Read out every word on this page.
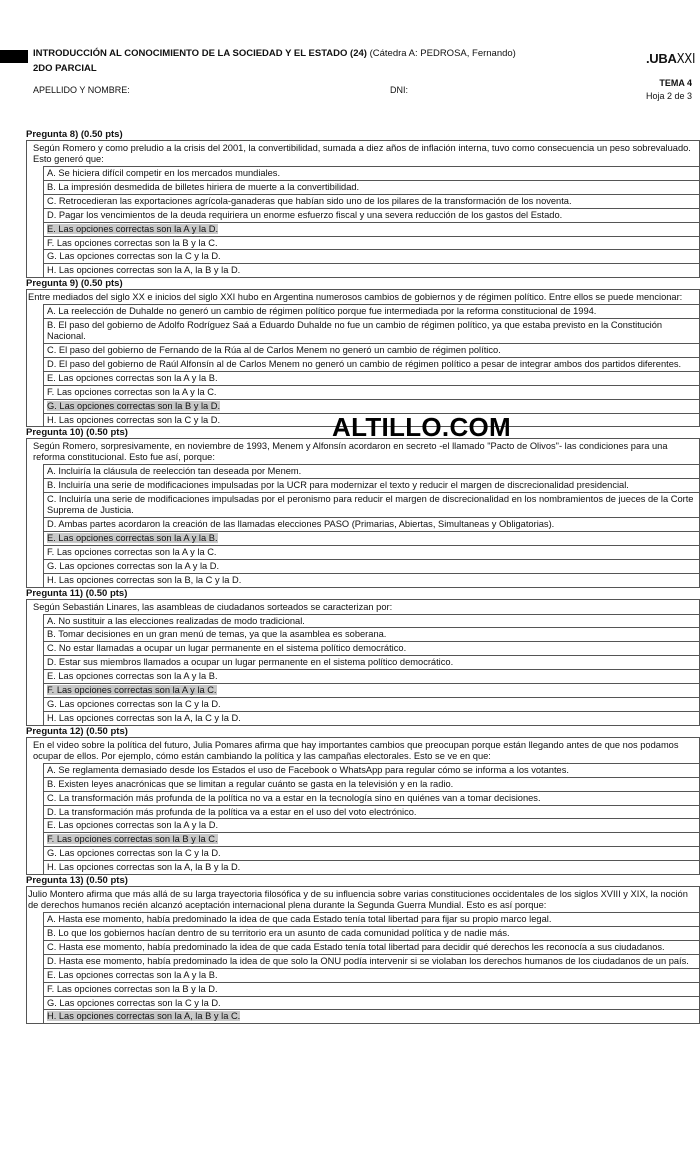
INTRODUCCIÓN AL CONOCIMIENTO DE LA SOCIEDAD Y EL ESTADO (24) (Cátedra A: PEDROSA, Fernando)
2DO PARCIAL
APELLIDO Y NOMBRE:	DNI:
.UBAXXI
TEMA 4
Hoja 2 de 3
Pregunta 8) (0.50 pts)
Según Romero y como preludio a la crisis del 2001, la convertibilidad, sumada a diez años de inflación interna, tuvo como consecuencia un peso sobrevaluado. Esto generó que:
A. Se hiciera difícil competir en los mercados mundiales.
B. La impresión desmedida de billetes hiriera de muerte a la convertibilidad.
C. Retrocedieran las exportaciones agrícola-ganaderas que habían sido uno de los pilares de la transformación de los noventa.
D. Pagar los vencimientos de la deuda requiriera un enorme esfuerzo fiscal y una severa reducción de los gastos del Estado.
E. Las opciones correctas son la A y la D.
F. Las opciones correctas son la B y la C.
G. Las opciones correctas son la C y la D.
H. Las opciones correctas son la A, la B y la D.
Pregunta 9) (0.50 pts)
Entre mediados del siglo XX e inicios del siglo XXI hubo en Argentina numerosos cambios de gobiernos y de régimen político. Entre ellos se puede mencionar:
A. La reelección de Duhalde no generó un cambio de régimen político porque fue intermediada por la reforma constitucional de 1994.
B. El paso del gobierno de Adolfo Rodríguez Saá a Eduardo Duhalde no fue un cambio de régimen político, ya que estaba previsto en la Constitución Nacional.
C. El paso del gobierno de Fernando de la Rúa al de Carlos Menem no generó un cambio de régimen político.
D. El paso del gobierno de Raúl Alfonsín al de Carlos Menem no generó un cambio de régimen político a pesar de integrar ambos dos partidos diferentes.
E. Las opciones correctas son la A y la B.
F. Las opciones correctas son la A y la C.
G. Las opciones correctas son la B y la D.
H. Las opciones correctas son la C y la D.
Pregunta 10) (0.50 pts)
Según Romero, sorpresivamente, en noviembre de 1993, Menem y Alfonsín acordaron en secreto -el llamado "Pacto de Olivos"- las condiciones para una reforma constitucional. Esto fue así, porque:
A. Incluiría la cláusula de reelección tan deseada por Menem.
B. Incluiría una serie de modificaciones impulsadas por la UCR para modernizar el texto y reducir el margen de discrecionalidad presidencial.
C. Incluiría una serie de modificaciones impulsadas por el peronismo para reducir el margen de discrecionalidad en los nombramientos de jueces de la Corte Suprema de Justicia.
D. Ambas partes acordaron la creación de las llamadas elecciones PASO (Primarias, Abiertas, Simultaneas y Obligatorias).
E. Las opciones correctas son la A y la B.
F. Las opciones correctas son la A y la C.
G. Las opciones correctas son la A y la D.
H. Las opciones correctas son la B, la C y la D.
Pregunta 11) (0.50 pts)
Según Sebastián Linares, las asambleas de ciudadanos sorteados se caracterizan por:
A. No sustituir a las elecciones realizadas de modo tradicional.
B. Tomar decisiones en un gran menú de temas, ya que la asamblea es soberana.
C. No estar llamadas a ocupar un lugar permanente en el sistema político democrático.
D. Estar sus miembros llamados a ocupar un lugar permanente en el sistema político democrático.
E. Las opciones correctas son la A y la B.
F. Las opciones correctas son la A y la C.
G. Las opciones correctas son la C y la D.
H. Las opciones correctas son la A, la C y la D.
Pregunta 12) (0.50 pts)
En el video sobre la política del futuro, Julia Pomares afirma que hay importantes cambios que preocupan porque están llegando antes de que nos podamos ocupar de ellos. Por ejemplo, cómo están cambiando la política y las campañas electorales. Esto se ve en que:
A. Se reglamenta demasiado desde los Estados el uso de Facebook o WhatsApp para regular cómo se informa a los votantes.
B. Existen leyes anacrónicas que se limitan a regular cuánto se gasta en la televisión y en la radio.
C. La transformación más profunda de la política no va a estar en la tecnología sino en quiénes van a tomar decisiones.
D. La transformación más profunda de la política va a estar en el uso del voto electrónico.
E. Las opciones correctas son la A y la D.
F. Las opciones correctas son la B y la C.
G. Las opciones correctas son la C y la D.
H. Las opciones correctas son la A, la B y la D.
Pregunta 13) (0.50 pts)
Julio Montero afirma que más allá de su larga trayectoria filosófica y de su influencia sobre varias constituciones occidentales de los siglos XVIII y XIX, la noción de derechos humanos recién alcanzó aceptación internacional plena durante la Segunda Guerra Mundial. Esto es así porque:
A. Hasta ese momento, había predominado la idea de que cada Estado tenía total libertad para fijar su propio marco legal.
B. Lo que los gobiernos hacían dentro de su territorio era un asunto de cada comunidad política y de nadie más.
C. Hasta ese momento, había predominado la idea de que cada Estado tenía total libertad para decidir qué derechos les reconocía a sus ciudadanos.
D. Hasta ese momento, había predominado la idea de que solo la ONU podía intervenir si se violaban los derechos humanos de los ciudadanos de un país.
E. Las opciones correctas son la A y la B.
F. Las opciones correctas son la B y la D.
G. Las opciones correctas son la C y la D.
H. Las opciones correctas son la A, la B y la C.
ALTILLO.COM
